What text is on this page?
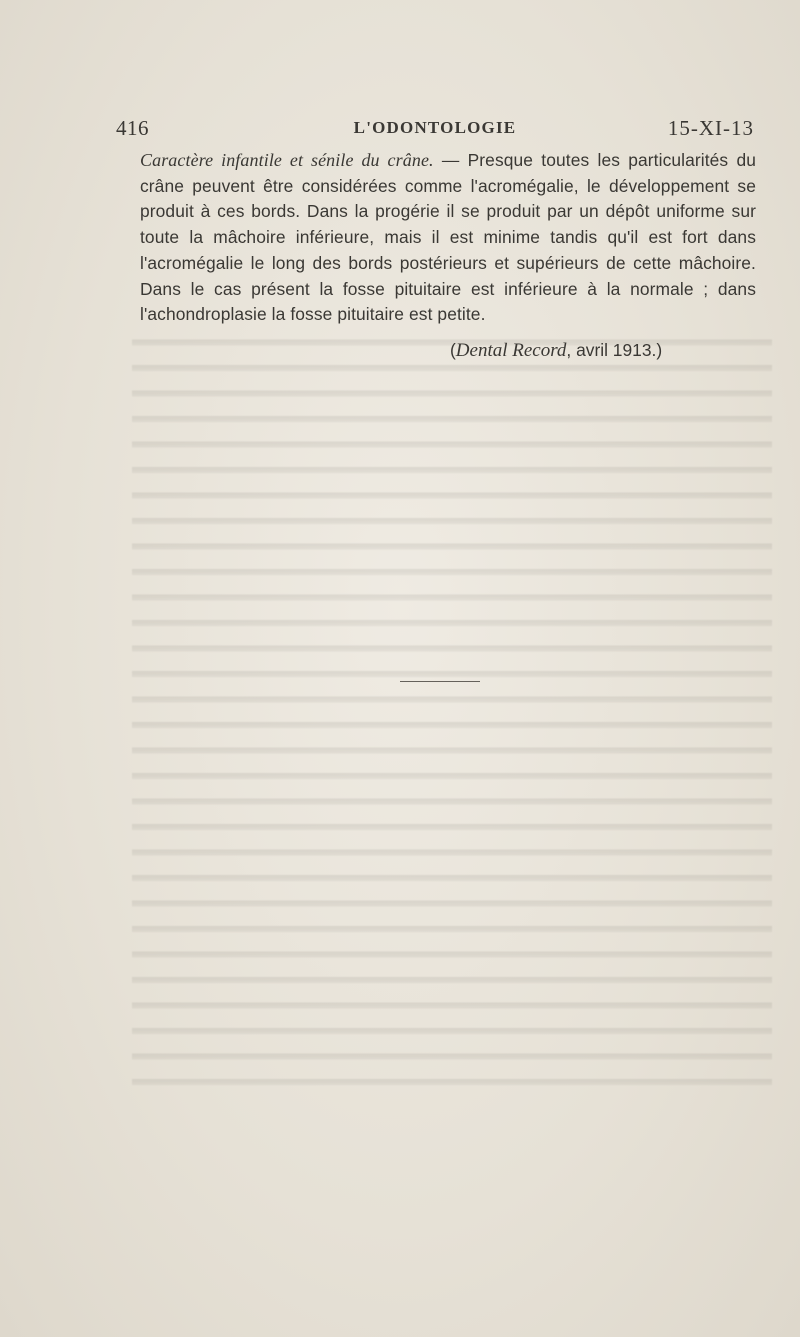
416	L'ODONTOLOGIE	15-XI-13

Caractère infantile et sénile du crâne. — Presque toutes les particularités du crâne peuvent être considérées comme l'acromégalie, le développement se produit à ces bords. Dans la progérie il se produit par un dépôt uniforme sur toute la mâchoire inférieure, mais il est minime tandis qu'il est fort dans l'acromégalie le long des bords postérieurs et supérieurs de cette mâchoire. Dans le cas présent la fosse pituitaire est inférieure à la normale ; dans l'achondroplasie la fosse pituitaire est petite.

(Dental Record, avril 1913.)
